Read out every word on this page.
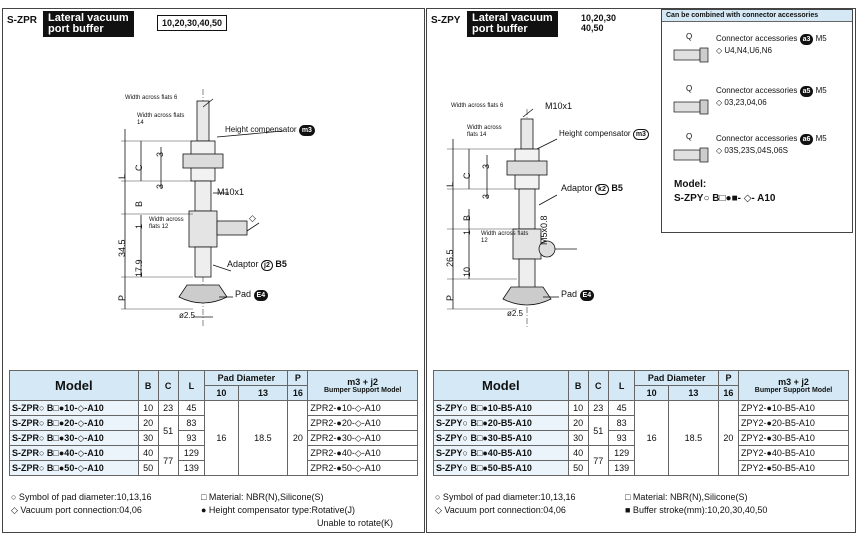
S-ZPR Lateral vacuum
port buffer	10,20,30,40,50
Width across flats 6
Width across flats 14
Height compensator m3
M10x1
Width across flats 12
◇
Adaptor j2 B5
Pad E4
ø2.5
L
C
B
P
3
3
1
34.5
17.9
Model	B	C	L	Pad Diameter		P	m3 + j2
Bumper Support Model

				10	13	16	
S-ZPR○ B□●10-◇-A10	10	23	45	16	18.5	20	ZPR2-●10-◇-A10
S-ZPR○ B□●20-◇-A10	20	51	83				ZPR2-●20-◇-A10
S-ZPR○ B□●30-◇-A10	30		93				ZPR2-●30-◇-A10
S-ZPR○ B□●40-◇-A10	40	77	129				ZPR2-●40-◇-A10
S-ZPR○ B□●50-◇-A10	50		139				ZPR2-●50-◇-A10
○ Symbol of pad diameter:10,13,16	□ Material: NBR(N),Silicone(S)
◇ Vacuum port connection:04,06	● Height compensator type:Rotative(J)
Unable to rotate(K)
S-ZPY Lateral vacuum
port buffer
10,20,30
40,50
Width across flats 6	M10x1
Width across flats 14	Height compensator m3
Adaptor k2 B5
M5x0.8
Width across flats 12
Pad E4
ø2.5
L
C
B
P
3
3
1
26.5
10
Can be combined with connector accessories
Q	Connector accessories a3 M5
◇ U4,N4,U6,N6
Q	Connector accessories a5 M5
◇ 03,23,04,06
Q	Connector accessories a6 M5
◇ 03S,23S,04S,06S
Model:
S-ZPY○ B□●■- ◇- A10
Model	B	C	L	Pad Diameter		P	m3 + j2
Bumper Support Model

				10	13	16	
S-ZPY○ B□●10-B5-A10	10	23	45	16	18.5	20	ZPY2-●10-B5-A10
S-ZPY○ B□●20-B5-A10	20	51	83				ZPY2-●20-B5-A10
S-ZPY○ B□●30-B5-A10	30		93				ZPY2-●30-B5-A10
S-ZPY○ B□●40-B5-A10	40	77	129				ZPY2-●40-B5-A10
S-ZPY○ B□●50-B5-A10	50		139				ZPY2-●50-B5-A10
○ Symbol of pad diameter:10,13,16	□ Material: NBR(N),Silicone(S)
◇ Vacuum port connection:04,06	■ Buffer stroke(mm):10,20,30,40,50
